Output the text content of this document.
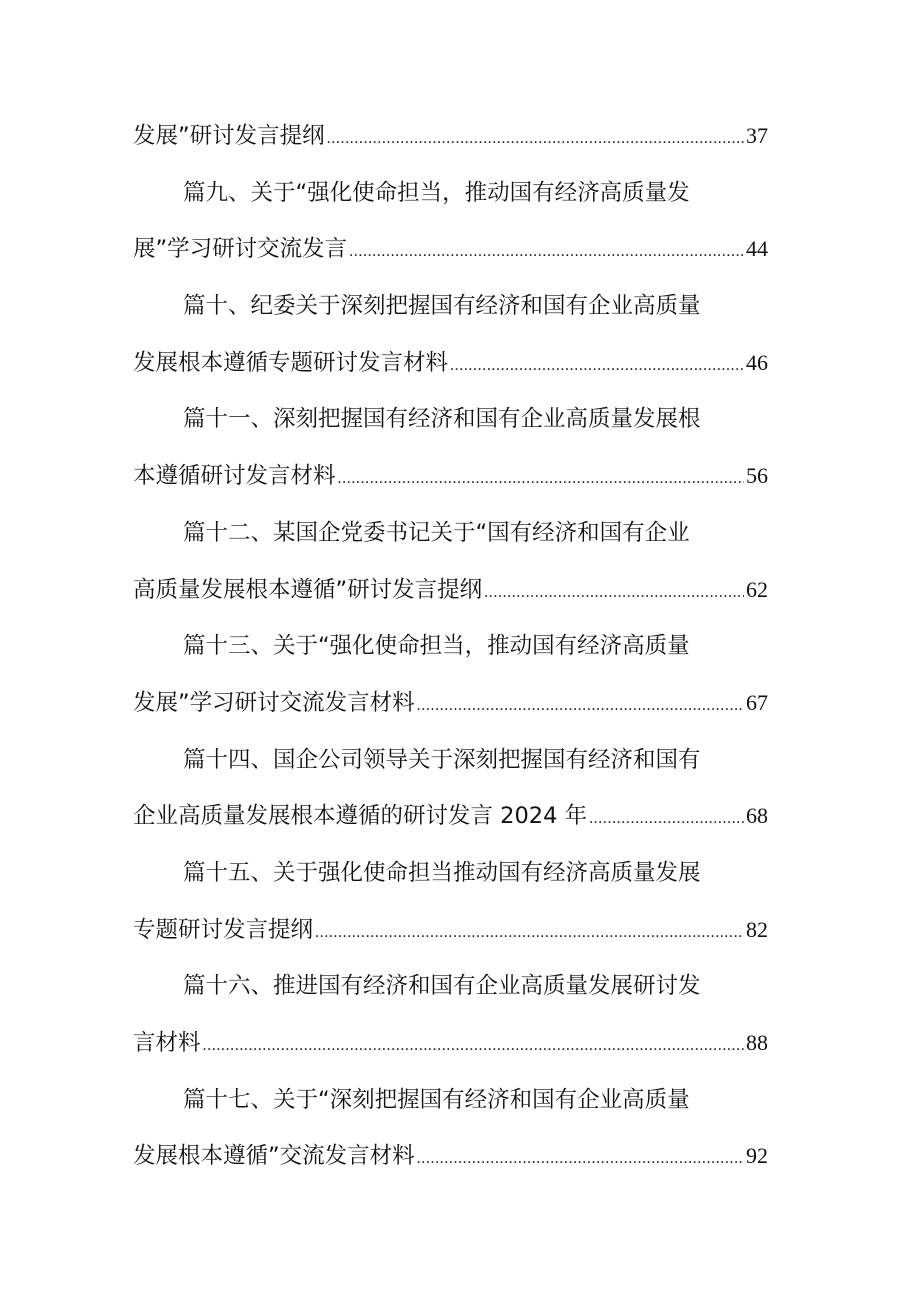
发展”研讨发言提纲 .....	37
篇九、关于“强化使命担当，推动国有经济高质量发
展”学习研讨交流发言 .....	44
篇十、纪委关于深刻把握国有经济和国有企业高质量
发展根本遵循专题研讨发言材料 .....	46
篇十一、深刻把握国有经济和国有企业高质量发展根
本遵循研讨发言材料 .....	56
篇十二、某国企党委书记关于“国有经济和国有企业
高质量发展根本遵循”研讨发言提纲 .....	62
篇十三、关于“强化使命担当，推动国有经济高质量
发展”学习研讨交流发言材料 .....	67
篇十四、国企公司领导关于深刻把握国有经济和国有
企业高质量发展根本遵循的研讨发言 2024 年 .....	68
篇十五、关于强化使命担当推动国有经济高质量发展
专题研讨发言提纲 .....	82
篇十六、推进国有经济和国有企业高质量发展研讨发
言材料 .....	88
篇十七、关于“深刻把握国有经济和国有企业高质量
发展根本遵循”交流发言材料 .....	92
